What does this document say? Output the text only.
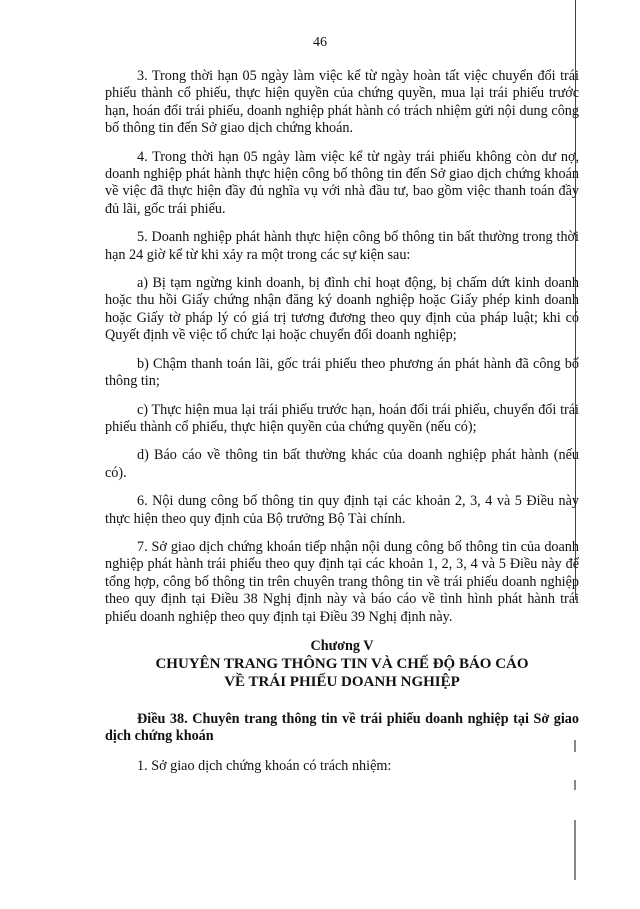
46

3. Trong thời hạn 05 ngày làm việc kể từ ngày hoàn tất việc chuyển đổi trái phiếu thành cổ phiếu, thực hiện quyền của chứng quyền, mua lại trái phiếu trước hạn, hoán đổi trái phiếu, doanh nghiệp phát hành có trách nhiệm gửi nội dung công bố thông tin đến Sở giao dịch chứng khoán.

4. Trong thời hạn 05 ngày làm việc kể từ ngày trái phiếu không còn dư nợ, doanh nghiệp phát hành thực hiện công bố thông tin đến Sở giao dịch chứng khoán về việc đã thực hiện đầy đủ nghĩa vụ với nhà đầu tư, bao gồm việc thanh toán đầy đủ lãi, gốc trái phiếu.

5. Doanh nghiệp phát hành thực hiện công bố thông tin bất thường trong thời hạn 24 giờ kể từ khi xảy ra một trong các sự kiện sau:

a) Bị tạm ngừng kinh doanh, bị đình chỉ hoạt động, bị chấm dứt kinh doanh hoặc thu hồi Giấy chứng nhận đăng ký doanh nghiệp hoặc Giấy phép kinh doanh hoặc Giấy tờ pháp lý có giá trị tương đương theo quy định của pháp luật; khi có Quyết định về việc tổ chức lại hoặc chuyển đổi doanh nghiệp;

b) Chậm thanh toán lãi, gốc trái phiếu theo phương án phát hành đã công bố thông tin;

c) Thực hiện mua lại trái phiếu trước hạn, hoán đổi trái phiếu, chuyển đổi trái phiếu thành cổ phiếu, thực hiện quyền của chứng quyền (nếu có);

d) Báo cáo về thông tin bất thường khác của doanh nghiệp phát hành (nếu có).

6. Nội dung công bố thông tin quy định tại các khoản 2, 3, 4 và 5 Điều này thực hiện theo quy định của Bộ trưởng Bộ Tài chính.

7. Sở giao dịch chứng khoán tiếp nhận nội dung công bố thông tin của doanh nghiệp phát hành trái phiếu theo quy định tại các khoản 1, 2, 3, 4 và 5 Điều này để tổng hợp, công bố thông tin trên chuyên trang thông tin về trái phiếu doanh nghiệp theo quy định tại Điều 38 Nghị định này và báo cáo về tình hình phát hành trái phiếu doanh nghiệp theo quy định tại Điều 39 Nghị định này.

Chương V
CHUYÊN TRANG THÔNG TIN VÀ CHẾ ĐỘ BÁO CÁO
VỀ TRÁI PHIẾU DOANH NGHIỆP

Điều 38. Chuyên trang thông tin về trái phiếu doanh nghiệp tại Sở giao dịch chứng khoán

1. Sở giao dịch chứng khoán có trách nhiệm:
